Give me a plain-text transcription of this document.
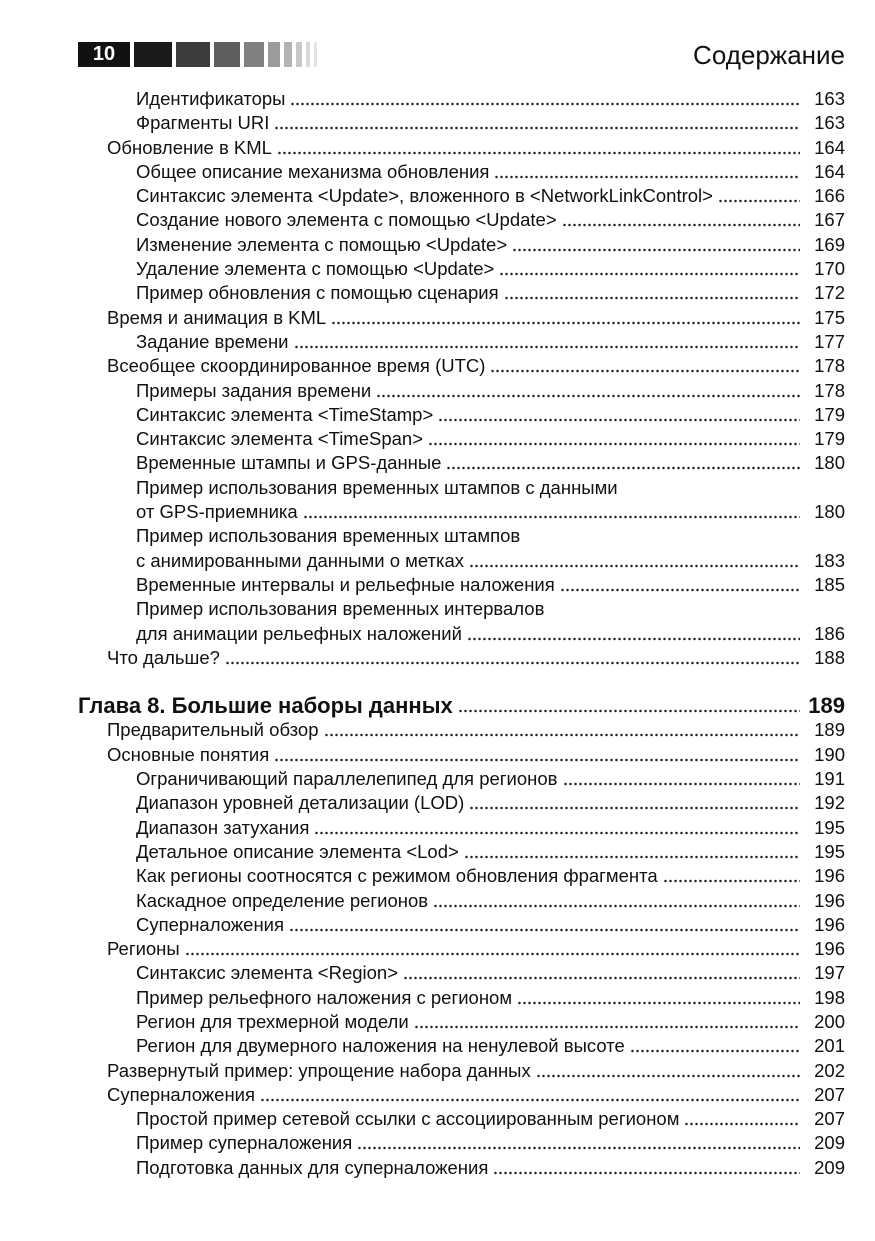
10	Содержание
Идентификаторы	163
Фрагменты URI	163
Обновление в KML	164
Общее описание механизма обновления	164
Синтаксис элемента <Update>, вложенного в <NetworkLinkControl>	166
Создание нового элемента с помощью <Update>	167
Изменение элемента с помощью <Update>	169
Удаление элемента с помощью <Update>	170
Пример обновления с помощью сценария	172
Время и анимация в KML	175
Задание времени	177
Всеобщее скоординированное время (UTC)	178
Примеры задания времени	178
Синтаксис элемента <TimeStamp>	179
Синтаксис элемента <TimeSpan>	179
Временные штампы и GPS-данные	180
Пример использования временных штампов с данными
от GPS-приемника	180
Пример использования временных штампов
с анимированными данными о метках	183
Временные интервалы и рельефные наложения	185
Пример использования временных интервалов
для анимации рельефных наложений	186
Что дальше?	188
Глава 8. Большие наборы данных	189
Предварительный обзор	189
Основные понятия	190
Ограничивающий параллелепипед для регионов	191
Диапазон уровней детализации (LOD)	192
Диапазон затухания	195
Детальное описание элемента <Lod>	195
Как регионы соотносятся с режимом обновления фрагмента	196
Каскадное определение регионов	196
Суперналожения	196
Регионы	196
Синтаксис элемента <Region>	197
Пример рельефного наложения с регионом	198
Регион для трехмерной модели	200
Регион для двумерного наложения на ненулевой высоте	201
Развернутый пример: упрощение набора данных	202
Суперналожения	207
Простой пример сетевой ссылки с ассоциированным регионом	207
Пример суперналожения	209
Подготовка данных для суперналожения	209
